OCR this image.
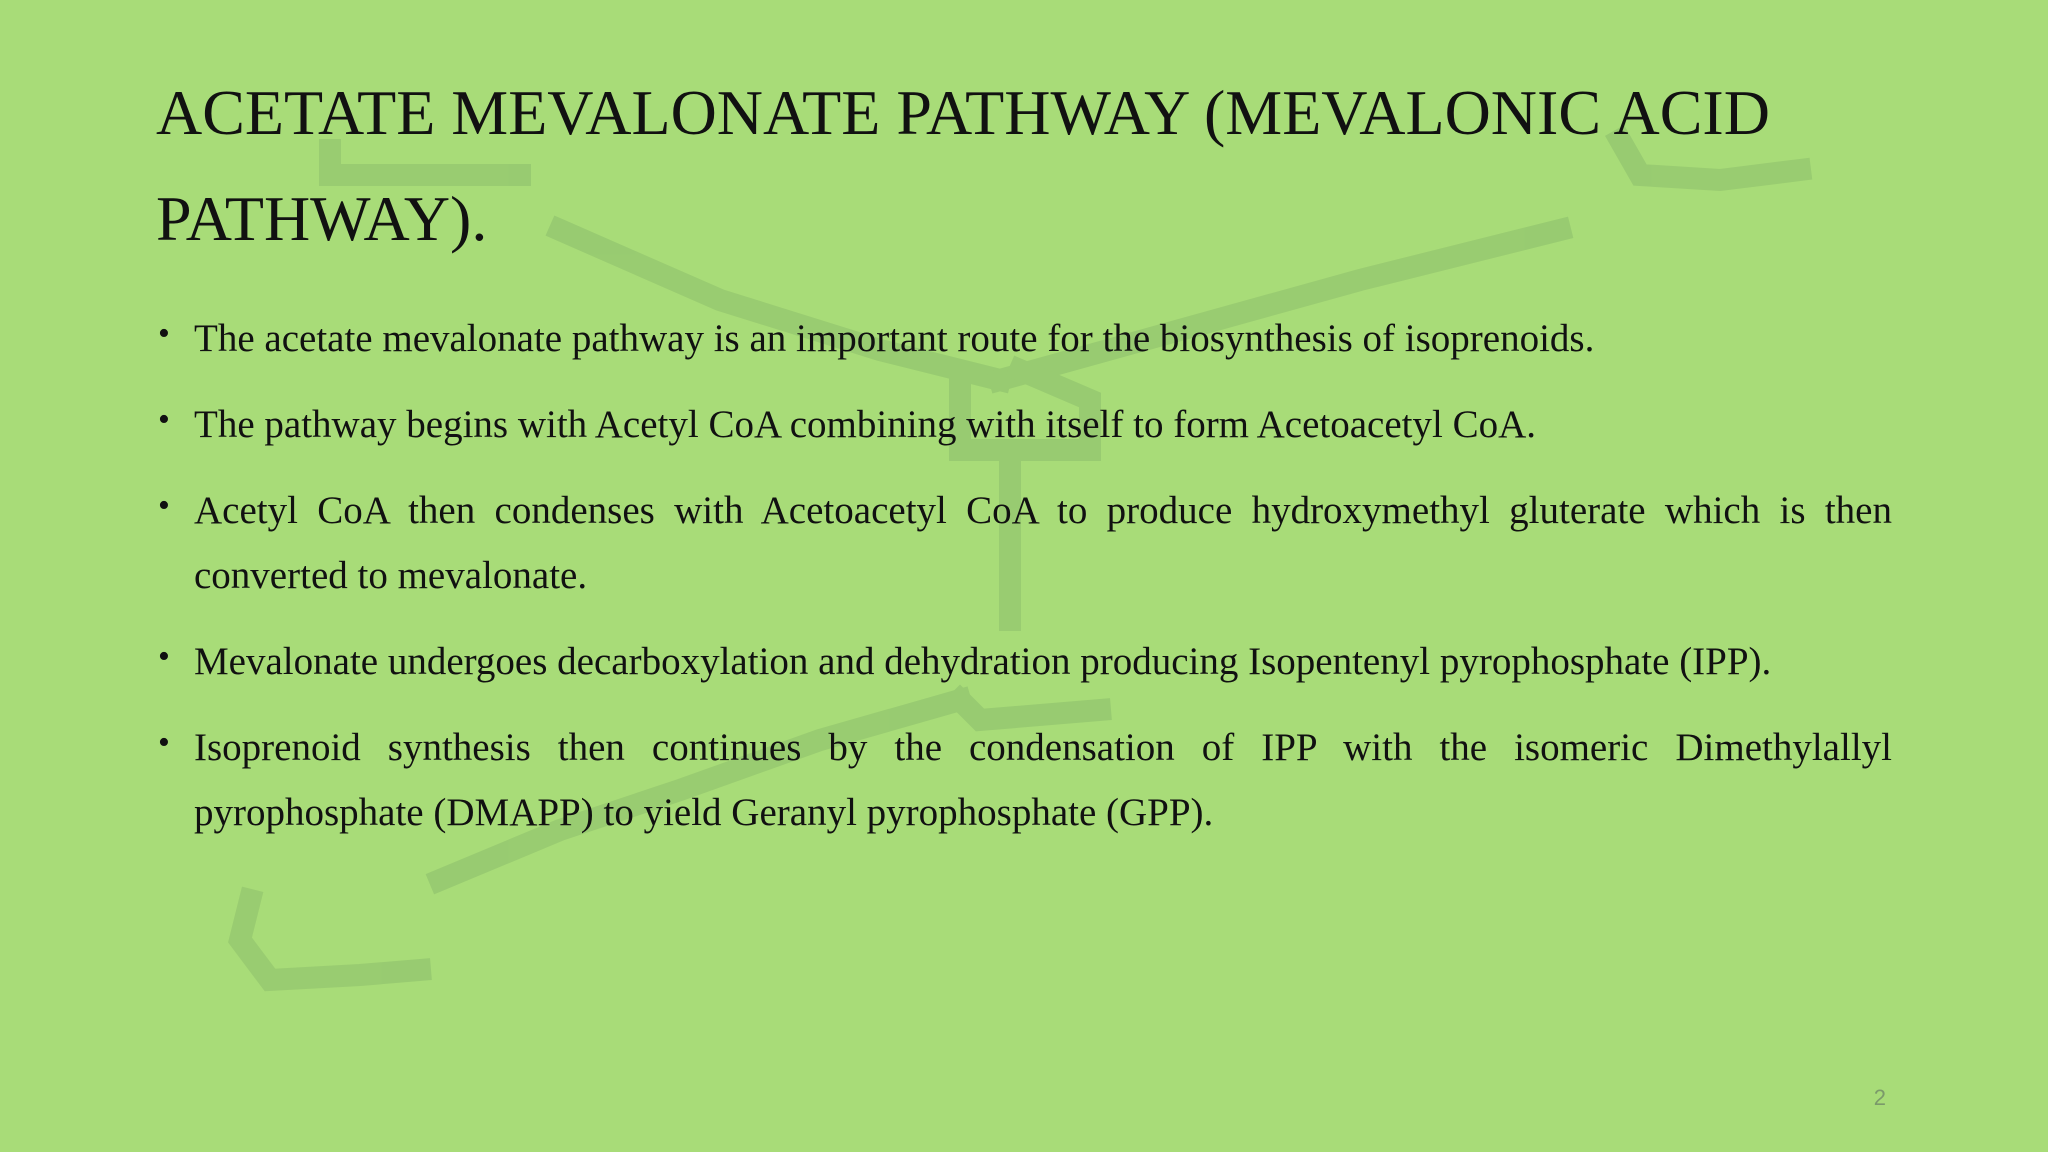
ACETATE MEVALONATE PATHWAY (MEVALONIC ACID PATHWAY).
• The acetate mevalonate pathway is an important route for the biosynthesis of isoprenoids.
• The pathway begins with Acetyl CoA combining with itself to form Acetoacetyl CoA.
• Acetyl CoA then condenses with Acetoacetyl CoA to produce hydroxymethyl gluterate which is then converted to mevalonate.
• Mevalonate undergoes decarboxylation and dehydration producing Isopentenyl pyrophosphate (IPP).
• Isoprenoid synthesis then continues by the condensation of IPP with the isomeric Dimethylallyl pyrophosphate (DMAPP) to yield Geranyl pyrophosphate (GPP).
2
